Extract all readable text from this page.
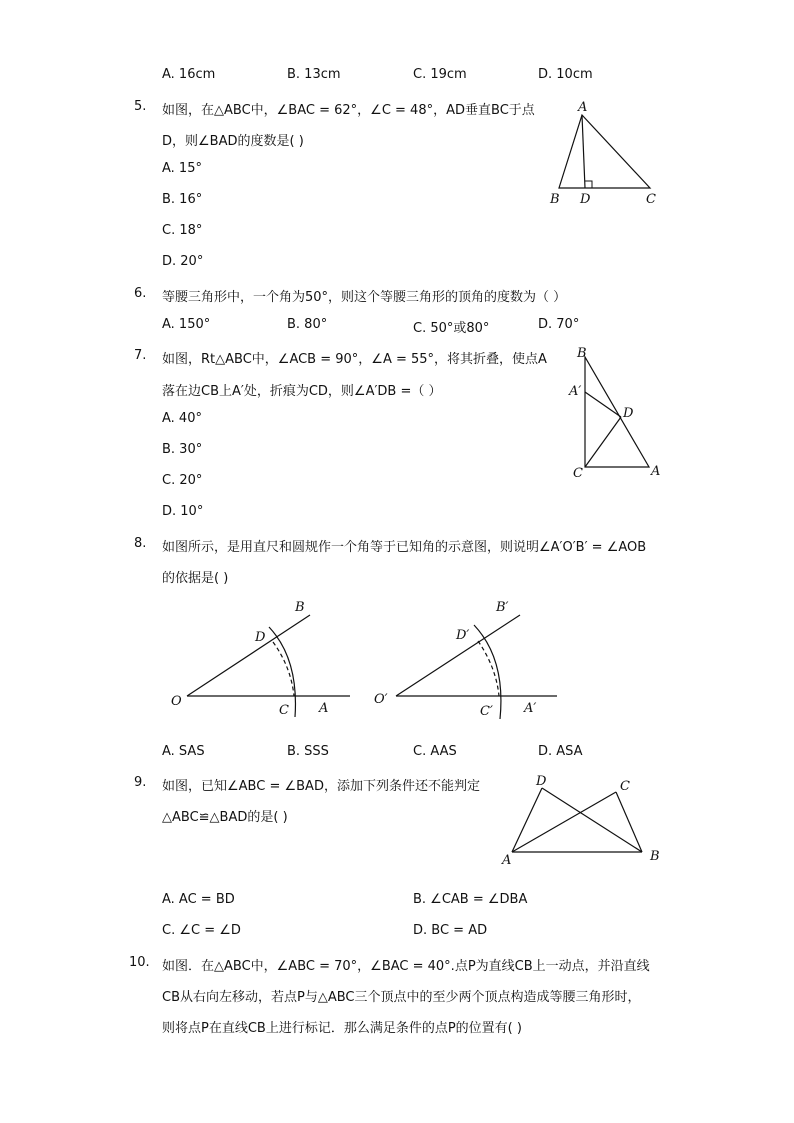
A. 16cm	B. 13cm	C. 19cm	D. 10cm
5. 如图，在△ABC中，∠BAC = 62°，∠C = 48°，AD垂直BC于点
D，则∠BAD的度数是( )
A. 15°
B. 16°
C. 18°
D. 20°
A
B D	C
6. 等腰三角形中，一个角为50°，则这个等腰三角形的顶角的度数为（ ）
A. 150°	B. 80°	C. 50°或80°	D. 70°
7. 如图，Rt△ABC中，∠ACB = 90°，∠A = 55°，将其折叠，使点A
落在边CB上A′处，折痕为CD，则∠A′DB =（ ）
A. 40°
B. 30°
C. 20°
D. 10°
B
A′
D
C	A
8. 如图所示，是用直尺和圆规作一个角等于已知角的示意图，则说明∠A′O′B′ = ∠AOB
的依据是( )
B
D
O
C A
B′
D′
O′
C′ A′
A. SAS	B. SSS	C. AAS	D. ASA
9. 如图，已知∠ABC = ∠BAD，添加下列条件还不能判定
△ABC≌△BAD的是( )
D	C
A	B
A. AC = BD	B. ∠CAB = ∠DBA
C. ∠C = ∠D	D. BC = AD
10. 如图．在△ABC中，∠ABC = 70°，∠BAC = 40°.点P为直线CB上一动点，并沿直线
CB从右向左移动，若点P与△ABC三个顶点中的至少两个顶点构造成等腰三角形时，
则将点P在直线CB上进行标记．那么满足条件的点P的位置有( )
